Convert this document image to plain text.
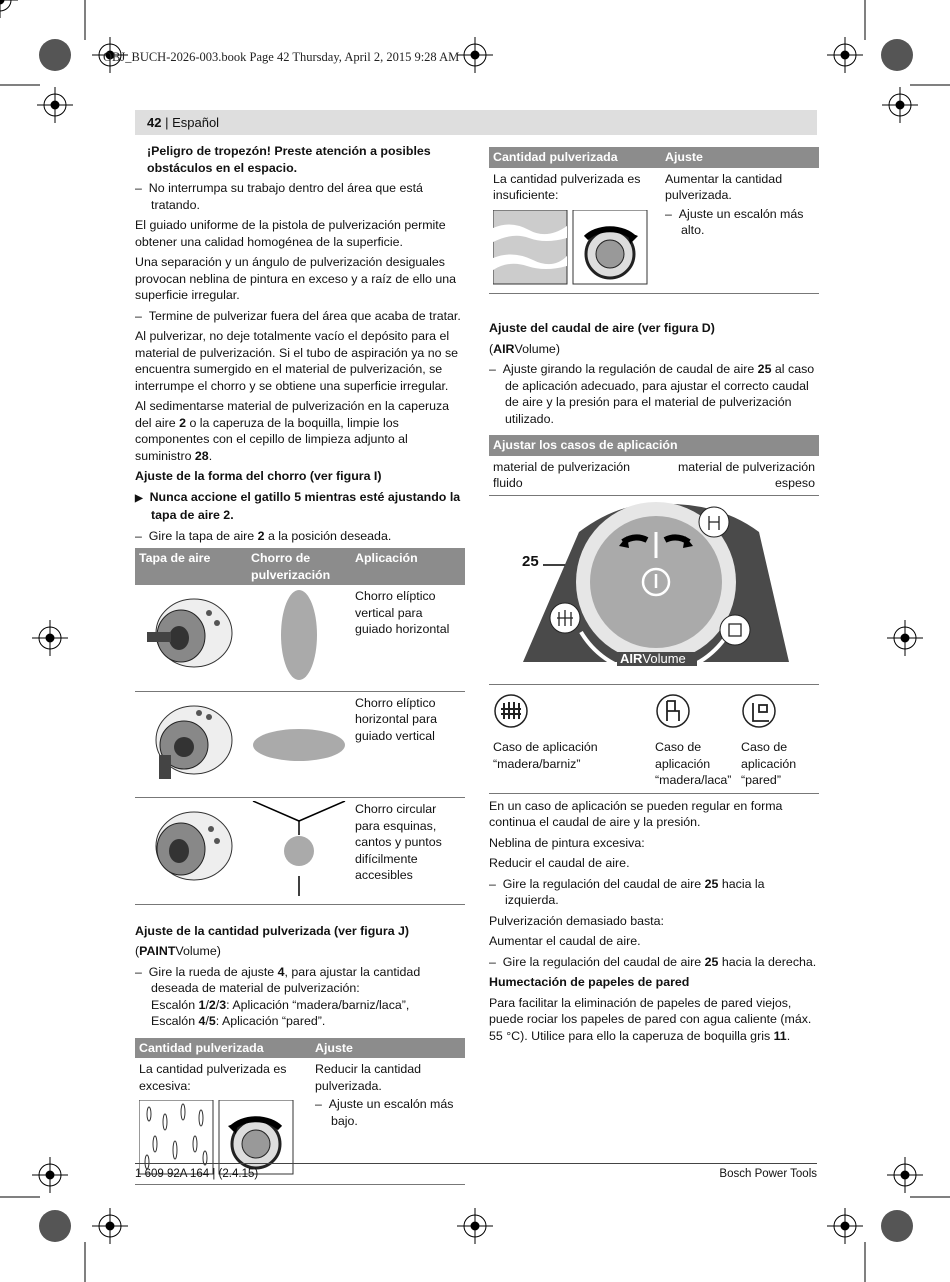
OBJ_BUCH-2026-003.book Page 42 Thursday, April 2, 2015 9:28 AM
42 | Español

¡Peligro de tropezón! Preste atención a posibles obstáculos en el espacio.

– No interrumpa su trabajo dentro del área que está tratando.

El guiado uniforme de la pistola de pulverización permite obtener una calidad homogénea de la superficie.

Una separación y un ángulo de pulverización desiguales provocan neblina de pintura en exceso y a raíz de ello una superficie irregular.

– Termine de pulverizar fuera del área que acaba de tratar.

Al pulverizar, no deje totalmente vacío el depósito para el material de pulverización. Si el tubo de aspiración ya no se encuentra sumergido en el material de pulverización, se interrumpe el chorro y se obtiene una superficie irregular.

Al sedimentarse material de pulverización en la caperuza del aire 2 o la caperuza de la boquilla, limpie los componentes con el cepillo de limpieza adjunto al suministro 28.

Ajuste de la forma del chorro (ver figura I)

▶ Nunca accione el gatillo 5 mientras esté ajustando la tapa de aire 2.

– Gire la tapa de aire 2 a la posición deseada.

Tapa de aire	Chorro de pulverización	Aplicación
		Chorro elíptico vertical para guiado horizontal
		Chorro elíptico horizontal para guiado vertical
		Chorro circular para esquinas, cantos y puntos difícilmente accesibles

Ajuste de la cantidad pulverizada (ver figura J)

(PAINTVolume)

– Gire la rueda de ajuste 4, para ajustar la cantidad deseada de material de pulverización:
Escalón 1/2/3: Aplicación “madera/barniz/laca”,
Escalón 4/5: Aplicación “pared”.

Cantidad pulverizada	Ajuste

La cantidad pulverizada es excesiva:	Reducir la cantidad pulverizada.
– Ajuste un escalón más bajo.
Cantidad pulverizada	Ajuste

La cantidad pulverizada es insuficiente:	Aumentar la cantidad pulverizada.
– Ajuste un escalón más alto.

Ajuste del caudal de aire (ver figura D)

(AIRVolume)

– Ajuste girando la regulación de caudal de aire 25 al caso de aplicación adecuado, para ajustar el correcto caudal de aire y la presión para el material de pulverización utilizado.

Ajustar los casos de aplicación
material de pulverización fluido	material de pulverización espeso
25
AIRVolume
Caso de aplicación “madera/barniz”
Caso de aplicación “madera/laca”
Caso de aplicación “pared”

En un caso de aplicación se pueden regular en forma continua el caudal de aire y la presión.

Neblina de pintura excesiva:

Reducir el caudal de aire.

– Gire la regulación del caudal de aire 25 hacia la izquierda.

Pulverización demasiado basta:

Aumentar el caudal de aire.

– Gire la regulación del caudal de aire 25 hacia la derecha.

Humectación de papeles de pared

Para facilitar la eliminación de papeles de pared viejos, puede rociar los papeles de pared con agua caliente (máx. 55 °C). Utilice para ello la caperuza de boquilla gris 11.

1 609 92A 164 | (2.4.15)	Bosch Power Tools
